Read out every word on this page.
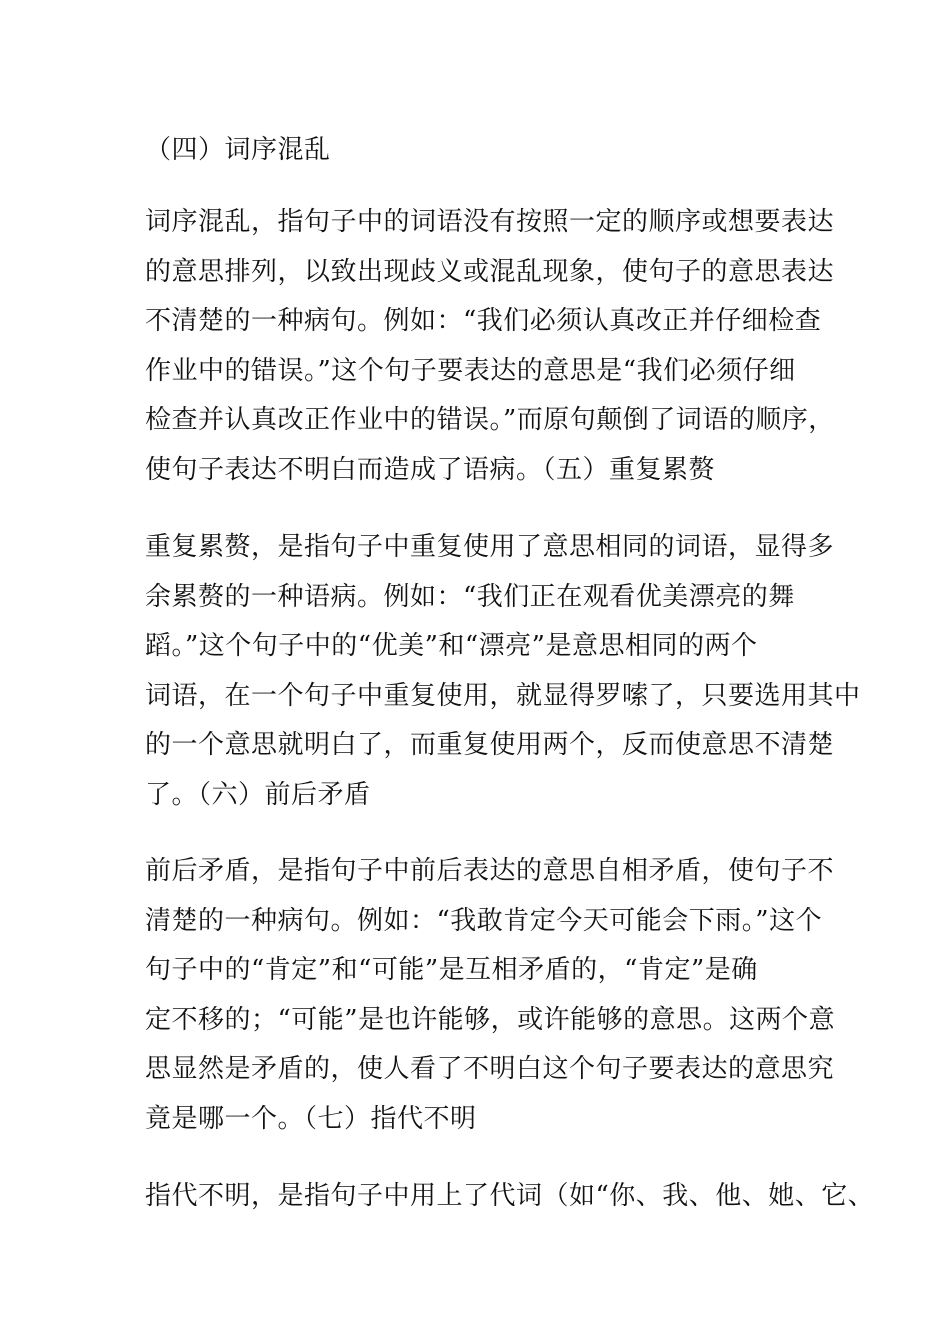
（四）词序混乱
词序混乱，指句子中的词语没有按照一定的顺序或想要表达
的意思排列，以致出现歧义或混乱现象，使句子的意思表达
不清楚的一种病句。例如：“我们必须认真改正并仔细检查
作业中的错误。”这个句子要表达的意思是“我们必须仔细
检查并认真改正作业中的错误。”而原句颠倒了词语的顺序，
使句子表达不明白而造成了语病。（五）重复累赘
重复累赘，是指句子中重复使用了意思相同的词语，显得多
余累赘的一种语病。例如：“我们正在观看优美漂亮的舞
蹈。”这个句子中的“优美”和“漂亮”是意思相同的两个
词语，在一个句子中重复使用，就显得罗嗦了，只要选用其中
的一个意思就明白了，而重复使用两个，反而使意思不清楚
了。（六）前后矛盾
前后矛盾，是指句子中前后表达的意思自相矛盾，使句子不
清楚的一种病句。例如：“我敢肯定今天可能会下雨。”这个
句子中的“肯定”和“可能”是互相矛盾的，“肯定”是确
定不移的；“可能”是也许能够，或许能够的意思。这两个意
思显然是矛盾的，使人看了不明白这个句子要表达的意思究
竟是哪一个。（七）指代不明
指代不明，是指句子中用上了代词（如“你、我、他、她、它、
